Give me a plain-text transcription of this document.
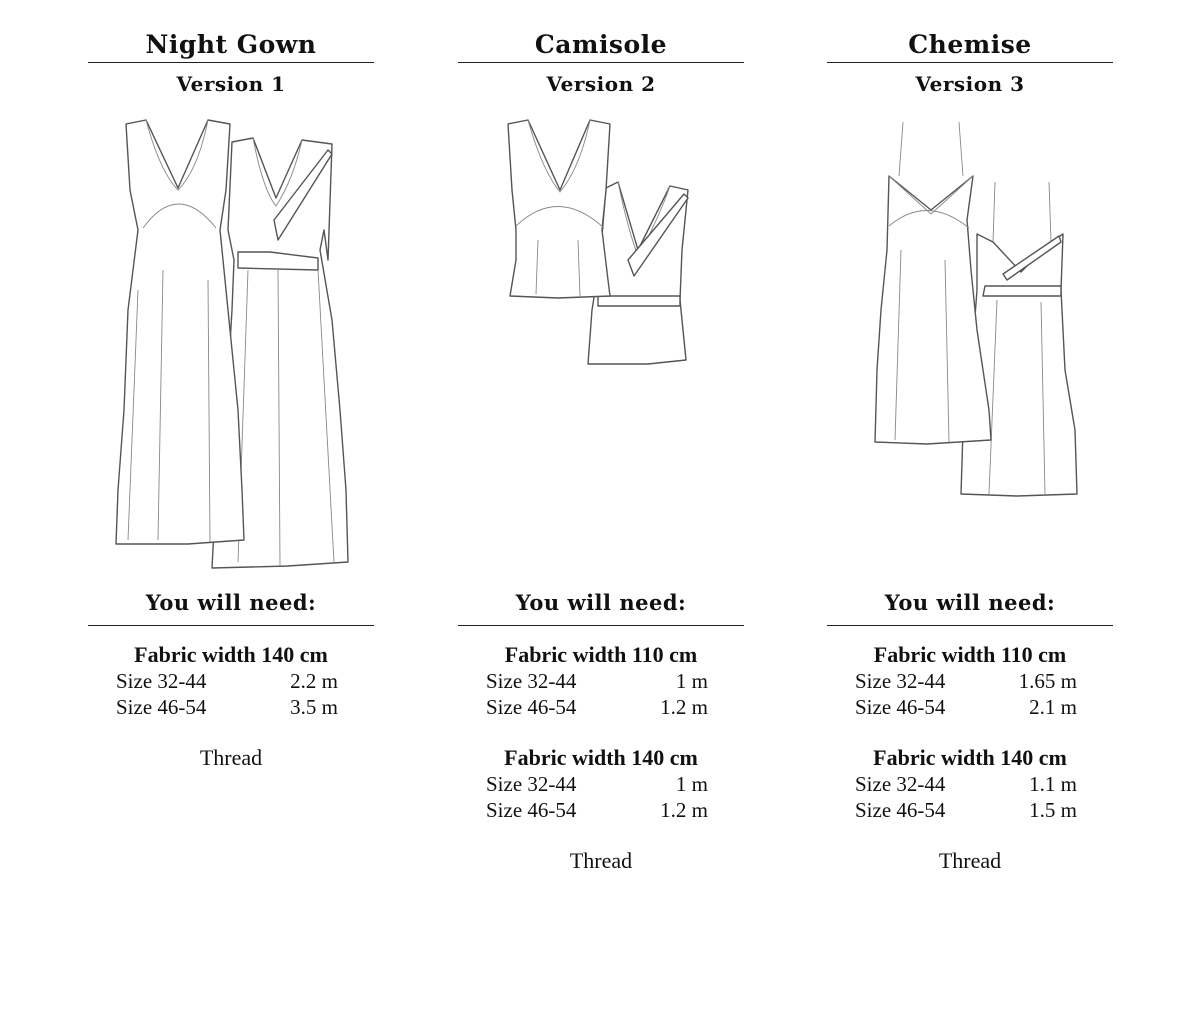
Night Gown
Version 1
You will need:
Fabric width 140 cm
Size 32-44	2.2 m
Size 46-54	3.5 m
Thread
Camisole
Version 2
You will need:
Fabric width 110 cm
Size 32-44	1 m
Size 46-54	1.2 m
Fabric width 140 cm
Size 32-44	1 m
Size 46-54	1.2 m
Thread
Chemise
Version 3
You will need:
Fabric width 110 cm
Size 32-44	1.65 m
Size 46-54	2.1 m
Fabric width 140 cm
Size 32-44	1.1 m
Size 46-54	1.5 m
Thread
